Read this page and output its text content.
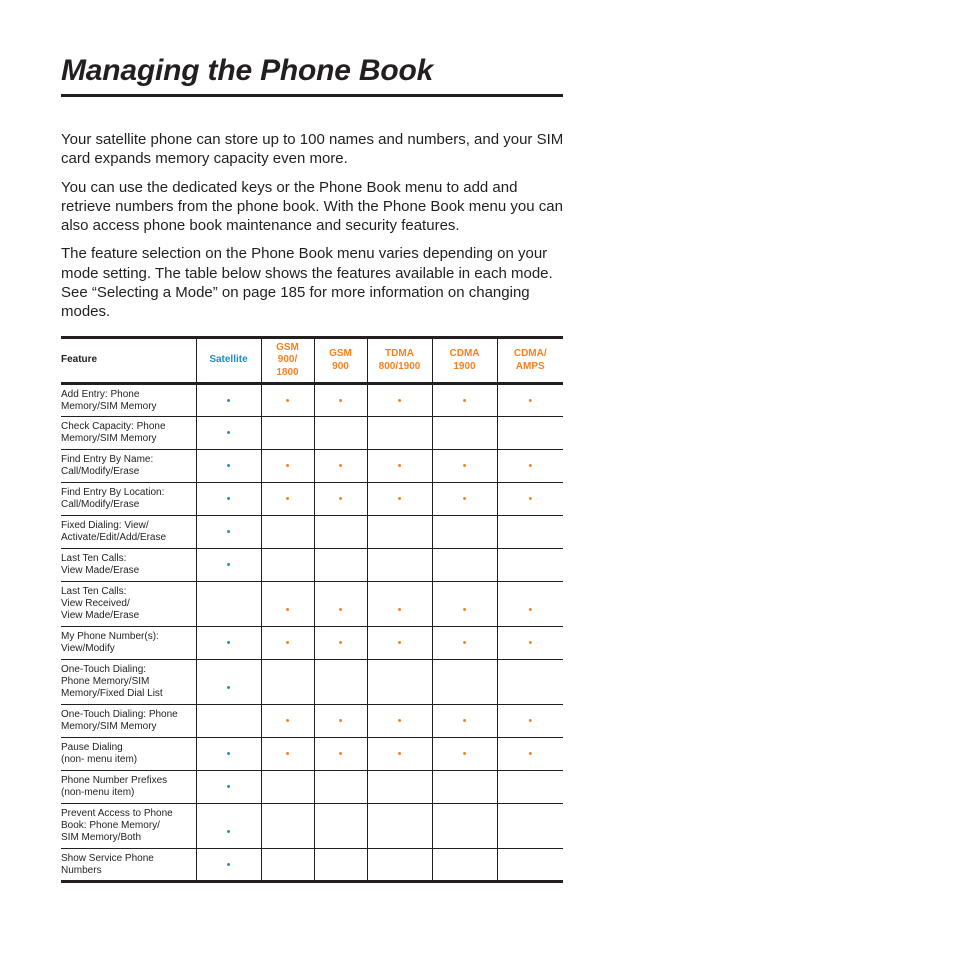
Managing the Phone Book

Your satellite phone can store up to 100 names and numbers, and your SIM card expands memory capacity even more.

You can use the dedicated keys or the Phone Book menu to add and retrieve numbers from the phone book. With the Phone Book menu you can also access phone book maintenance and security features.

The feature selection on the Phone Book menu varies depending on your mode setting. The table below shows the features available in each mode. See “Selecting a Mode” on page 185 for more information on changing modes.

Feature	Satellite	GSM
900/
1800	GSM
900	TDMA
800/1900	CDMA
1900	CDMA/
AMPS
Add Entry: Phone
Memory/SIM Memory	•	•	•	•	•	•
Check Capacity: Phone
Memory/SIM Memory	•					
Find Entry By Name:
Call/Modify/Erase	•	•	•	•	•	•
Find Entry By Location:
Call/Modify/Erase	•	•	•	•	•	•
Fixed Dialing: View/
Activate/Edit/Add/Erase	•					
Last Ten Calls:
View Made/Erase	•					
Last Ten Calls:
View Received/
View Made/Erase		•	•	•	•	•
My Phone Number(s):
View/Modify	•	•	•	•	•	•
One-Touch Dialing:
Phone Memory/SIM
Memory/Fixed Dial List	•					
One-Touch Dialing: Phone
Memory/SIM Memory		•	•	•	•	•
Pause Dialing
(non- menu item)	•	•	•	•	•	•
Phone Number Prefixes
(non-menu item)	•					
Prevent Access to Phone
Book: Phone Memory/
SIM Memory/Both	•					
Show Service Phone
Numbers	•					
